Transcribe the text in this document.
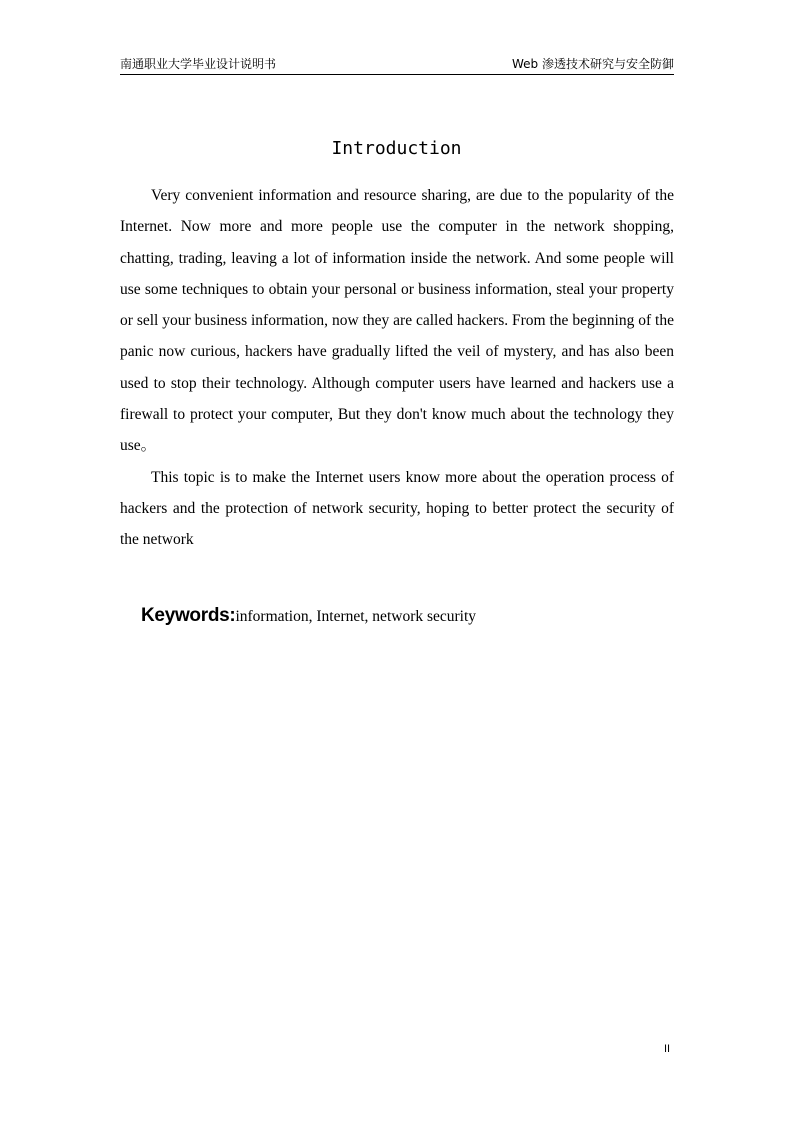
南通职业大学毕业设计说明书	Web 渗透技术研究与安全防御
Introduction

Very convenient information and resource sharing, are due to the popularity of the Internet. Now more and more people use the computer in the network shopping, chatting, trading, leaving a lot of information inside the network. And some people will use some techniques to obtain your personal or business information, steal your property or sell your business information, now they are called hackers. From the beginning of the panic now curious, hackers have gradually lifted the veil of mystery, and has also been used to stop their technology. Although computer users have learned and hackers use a firewall to protect your computer, But they don't know much about the technology they use。

This topic is to make the Internet users know more about the operation process of hackers and the protection of network security, hoping to better protect the security of the network

Keywords:information, Internet, network security
II
